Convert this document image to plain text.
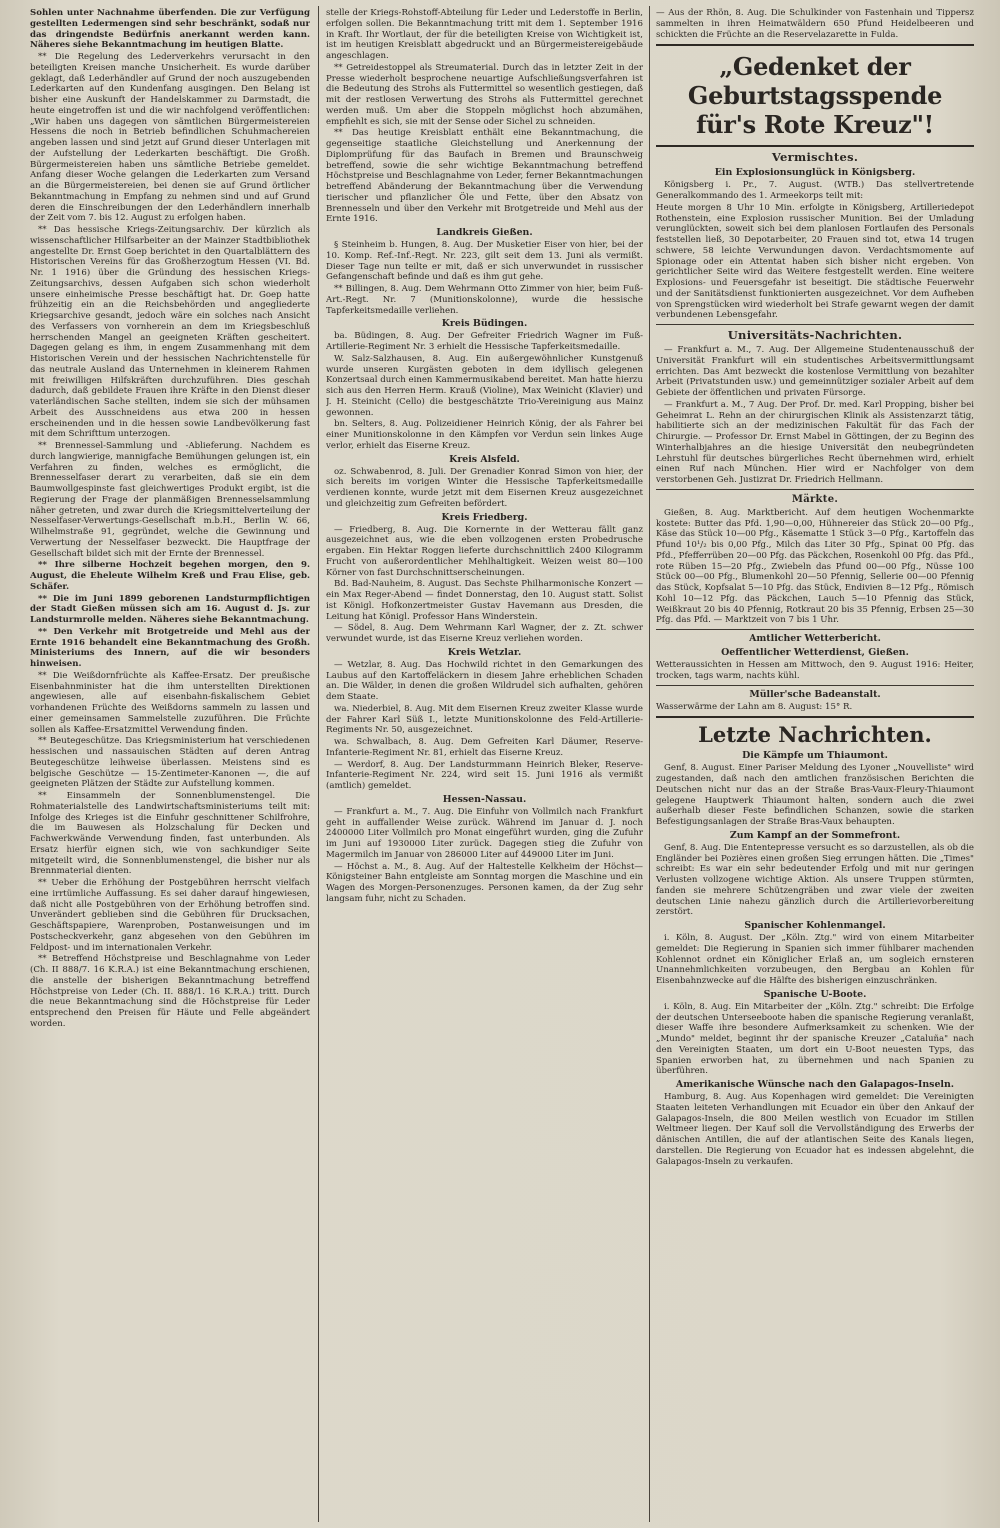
Sohlen unter Nachnahme überfenden. Die zur Verfügung gestellten Ledermengen sind sehr beschränkt, sodaß nur das dringendste Bedürfnis anerkannt werden kann. Näheres siehe Bekanntmachung im heutigen Blatte.

** Die Regelung des Lederverkehrs verursacht in den beteiligten Kreisen manche Unsicherheit. Es wurde darüber geklagt, daß Lederhändler auf Grund der noch auszugebenden Lederkarten auf den Kundenfang ausgingen. Den Belang ist bisher eine Auskunft der Handelskammer zu Darmstadt, die heute eingetroffen ist und die wir nachfolgend veröffentlichen: „Wir haben uns dagegen von sämtlichen Bürgermeistereien Hessens die noch in Betrieb befindlichen Schuhmachereien angeben lassen und sind jetzt auf Grund dieser Unterlagen mit der Aufstellung der Lederkarten beschäftigt. Die Großh. Bürgermeistereien haben uns sämtliche Betriebe gemeldet. Anfang dieser Woche gelangen die Lederkarten zum Versand an die Bürgermeistereien, bei denen sie auf Grund örtlicher Bekanntmachung in Empfang zu nehmen sind und auf Grund deren die Einschreibungen der den Lederhändlern innerhalb der Zeit vom 7. bis 12. August zu erfolgen haben.

** Das hessische Kriegs-Zeitungsarchiv. Der kürzlich als wissenschaftlicher Hilfsarbeiter an der Mainzer Stadtbibliothek angestellte Dr. Ernst Goep berichtet in den Quartalblättern des Historischen Vereins für das Großherzogtum Hessen (VI. Bd. Nr. 1 1916) über die Gründung des hessischen Kriegs-Zeitungsarchivs, dessen Aufgaben sich schon wiederholt unsere einheimische Presse beschäftigt hat. Dr. Goep hatte frühzeitig ein an die Reichsbehörden und angegliederte Kriegsarchive gesandt, jedoch wäre ein solches nach Ansicht des Verfassers von vornherein an dem im Kriegsbeschluß herrschenden Mangel an geeigneten Kräften gescheitert. Dagegen gelang es ihm, in engem Zusammenhang mit dem Historischen Verein und der hessischen Nachrichtenstelle für das neutrale Ausland das Unternehmen in kleinerem Rahmen mit freiwilligen Hilfskräften durchzuführen. Dies geschah dadurch, daß gebildete Frauen ihre Kräfte in den Dienst dieser vaterländischen Sache stellten, indem sie sich der mühsamen Arbeit des Ausschneidens aus etwa 200 in hessen erscheinenden und in die hessen sowie Landbevölkerung fast mit dem Schrifttum unterzogen.

** Brennessel-Sammlung und -Ablieferung. Nachdem es durch langwierige, mannigfache Bemühungen gelungen ist, ein Verfahren zu finden, welches es ermöglicht, die Brennesselfaser derart zu verarbeiten, daß sie ein dem Baumwollgespinste fast gleichwertiges Produkt ergibt, ist die Regierung der Frage der planmäßigen Brennesselsammlung näher getreten, und zwar durch die Kriegsmittelverteilung der Nesselfaser-Verwertungs-Gesellschaft m.b.H., Berlin W. 66, Wilhelmstraße 91, gegründet, welche die Gewinnung und Verwertung der Nesselfaser bezweckt. Die Hauptfrage der Gesellschaft bildet sich mit der Ernte der Brennessel.

** Ihre silberne Hochzeit begehen morgen, den 9. August, die Eheleute Wilhelm Kreß und Frau Elise, geb. Schäfer.

** Die im Juni 1899 geborenen Landsturmpflichtigen der Stadt Gießen müssen sich am 16. August d. Js. zur Landsturmrolle melden. Näheres siehe Bekanntmachung.

** Den Verkehr mit Brotgetreide und Mehl aus der Ernte 1916 behandelt eine Bekanntmachung des Großh. Ministeriums des Innern, auf die wir besonders hinweisen.

** Die Weißdornfrüchte als Kaffee-Ersatz. Der preußische Eisenbahnminister hat die ihm unterstellten Direktionen angewiesen, alle auf eisenbahn-fiskalischem Gebiet vorhandenen Früchte des Weißdorns sammeln zu lassen und einer gemeinsamen Sammelstelle zuzuführen. Die Früchte sollen als Kaffee-Ersatzmittel Verwendung finden.

** Beutegeschütze. Das Kriegsministerium hat verschiedenen hessischen und nassauischen Städten auf deren Antrag Beutegeschütze leihweise überlassen. Meistens sind es belgische Geschütze — 15-Zentimeter-Kanonen —, die auf geeigneten Plätzen der Städte zur Aufstellung kommen.

** Einsammeln der Sonnenblumenstengel. Die Rohmaterialstelle des Landwirtschaftsministeriums teilt mit: Infolge des Krieges ist die Einfuhr geschnittener Schilfrohre, die im Bauwesen als Holzschalung für Decken und Fachwerkwände Verwendung finden, fast unterbunden. Als Ersatz hierfür eignen sich, wie von sachkundiger Seite mitgeteilt wird, die Sonnenblumenstengel, die bisher nur als Brennmaterial dienten.

** Ueber die Erhöhung der Postgebühren herrscht vielfach eine irrtümliche Auffassung. Es sei daher darauf hingewiesen, daß nicht alle Postgebühren von der Erhöhung betroffen sind. Unverändert geblieben sind die Gebühren für Drucksachen, Geschäftspapiere, Warenproben, Postanweisungen und im Postscheckverkehr, ganz abgesehen von den Gebühren im Feldpost- und im internationalen Verkehr.

** Betreffend Höchstpreise und Beschlagnahme von Leder (Ch. II 888/7. 16 K.R.A.) ist eine Bekanntmachung erschienen, die anstelle der bisherigen Bekanntmachung betreffend Höchstpreise von Leder (Ch. II. 888/1. 16 K.R.A.) tritt. Durch die neue Bekanntmachung sind die Höchstpreise für Leder entsprechend den Preisen für Häute und Felle abgeändert worden.

stelle der Kriegs-Rohstoff-Abteilung für Leder und Lederstoffe in Berlin, erfolgen sollen. Die Bekanntmachung tritt mit dem 1. September 1916 in Kraft. Ihr Wortlaut, der für die beteiligten Kreise von Wichtigkeit ist, ist im heutigen Kreisblatt abgedruckt und an Bürgermeistereigebäude angeschlagen.

** Getreidestoppel als Streumaterial. Durch das in letzter Zeit in der Presse wiederholt besprochene neuartige Aufschließungsverfahren ist die Bedeutung des Strohs als Futtermittel so wesentlich gestiegen, daß mit der restlosen Verwertung des Strohs als Futtermittel gerechnet werden muß. Um aber die Stoppeln möglichst hoch abzumähen, empfiehlt es sich, sie mit der Sense oder Sichel zu schneiden.

** Das heutige Kreisblatt enthält eine Bekanntmachung, die gegenseitige staatliche Gleichstellung und Anerkennung der Diplomprüfung für das Baufach in Bremen und Braunschweig betreffend, sowie die sehr wichtige Bekanntmachung betreffend Höchstpreise und Beschlagnahme von Leder, ferner Bekanntmachungen betreffend Abänderung der Bekanntmachung über die Verwendung tierischer und pflanzlicher Öle und Fette, über den Absatz von Brennesseln und über den Verkehr mit Brotgetreide und Mehl aus der Ernte 1916.

Landkreis Gießen.

§ Steinheim b. Hungen, 8. Aug. Der Musketier Eiser von hier, bei der 10. Komp. Ref.-Inf.-Regt. Nr. 223, gilt seit dem 13. Juni als vermißt. Dieser Tage nun teilte er mit, daß er sich unverwundet in russischer Gefangenschaft befinde und daß es ihm gut gehe.

** Billingen, 8. Aug. Dem Wehrmann Otto Zimmer von hier, beim Fuß-Art.-Regt. Nr. 7 (Munitionskolonne), wurde die hessische Tapferkeitsmedaille verliehen.

Kreis Büdingen.

ba. Büdingen, 8. Aug. Der Gefreiter Friedrich Wagner im Fuß-Artillerie-Regiment Nr. 3 erhielt die Hessische Tapferkeitsmedaille.

W. Salz-Salzhausen, 8. Aug. Ein außergewöhnlicher Kunstgenuß wurde unseren Kurgästen geboten in dem idyllisch gelegenen Konzertsaal durch einen Kammermusikabend bereitet. Man hatte hierzu sich aus den Herren Herm. Krauß (Violine), Max Weinicht (Klavier) und J. H. Steinicht (Cello) die bestgeschätzte Trio-Vereinigung aus Mainz gewonnen.

bn. Selters, 8. Aug. Polizeidiener Heinrich König, der als Fahrer bei einer Munitionskolonne in den Kämpfen vor Verdun sein linkes Auge verlor, erhielt das Eiserne Kreuz.

Kreis Alsfeld.

oz. Schwabenrod, 8. Juli. Der Grenadier Konrad Simon von hier, der sich bereits im vorigen Winter die Hessische Tapferkeitsmedaille verdienen konnte, wurde jetzt mit dem Eisernen Kreuz ausgezeichnet und gleichzeitig zum Gefreiten befördert.

Kreis Friedberg.

— Friedberg, 8. Aug. Die Kornernte in der Wetterau fällt ganz ausgezeichnet aus, wie die eben vollzogenen ersten Probedrusche ergaben. Ein Hektar Roggen lieferte durchschnittlich 2400 Kilogramm Frucht von außerordentlicher Mehlhaltigkeit. Weizen weist 80—100 Körner von fast Durchschnittserscheinungen.

Bd. Bad-Nauheim, 8. August. Das Sechste Philharmonische Konzert — ein Max Reger-Abend — findet Donnerstag, den 10. August statt. Solist ist Königl. Hofkonzertmeister Gustav Havemann aus Dresden, die Leitung hat Königl. Professor Hans Winderstein.

— Södel, 8. Aug. Dem Wehrmann Karl Wagner, der z. Zt. schwer verwundet wurde, ist das Eiserne Kreuz verliehen worden.

Kreis Wetzlar.

— Wetzlar, 8. Aug. Das Hochwild richtet in den Gemarkungen des Laubus auf den Kartoffeläckern in diesem Jahre erheblichen Schaden an. Die Wälder, in denen die großen Wildrudel sich aufhalten, gehören dem Staate.

wa. Niederbiel, 8. Aug. Mit dem Eisernen Kreuz zweiter Klasse wurde der Fahrer Karl Süß I., letzte Munitionskolonne des Feld-Artillerie-Regiments Nr. 50, ausgezeichnet.

wa. Schwalbach, 8. Aug. Dem Gefreiten Karl Däumer, Reserve-Infanterie-Regiment Nr. 81, erhielt das Eiserne Kreuz.

— Werdorf, 8. Aug. Der Landsturmmann Heinrich Bleker, Reserve-Infanterie-Regiment Nr. 224, wird seit 15. Juni 1916 als vermißt (amtlich) gemeldet.

Hessen-Nassau.

— Frankfurt a. M., 7. Aug. Die Einfuhr von Vollmilch nach Frankfurt geht in auffallender Weise zurück. Während im Januar d. J. noch 2400000 Liter Vollmilch pro Monat eingeführt wurden, ging die Zufuhr im Juni auf 1930000 Liter zurück. Dagegen stieg die Zufuhr von Magermilch im Januar von 286000 Liter auf 449000 Liter im Juni.

— Höchst a. M., 8. Aug. Auf der Haltestelle Kelkheim der Höchst—Königsteiner Bahn entgleiste am Sonntag morgen die Maschine und ein Wagen des Morgen-Personenzuges. Personen kamen, da der Zug sehr langsam fuhr, nicht zu Schaden.

— Aus der Rhön, 8. Aug. Die Schulkinder von Fastenhain und Tippersz sammelten in ihren Heimatwäldern 650 Pfund Heidelbeeren und schickten die Früchte an die Reservelazarette in Fulda.

„Gedenket der Geburtstagsspende für's Rote Kreuz"!
Vermischtes.
Ein Explosionsunglück in Königsberg.

Königsberg i. Pr., 7. August. (WTB.) Das stellvertretende Generalkommando des 1. Armeekorps teilt mit:

Heute morgen 8 Uhr 10 Min. erfolgte in Königsberg, Artilleriedepot Rothenstein, eine Explosion russischer Munition. Bei der Umladung verunglückten, soweit sich bei dem planlosen Fortlaufen des Personals feststellen ließ, 30 Depotarbeiter, 20 Frauen sind tot, etwa 14 trugen schwere, 58 leichte Verwundungen davon. Verdachtsmomente auf Spionage oder ein Attentat haben sich bisher nicht ergeben. Von gerichtlicher Seite wird das Weitere festgestellt werden. Eine weitere Explosions- und Feuersgefahr ist beseitigt. Die städtische Feuerwehr und der Sanitätsdienst funktionierten ausgezeichnet. Vor dem Aufheben von Sprengstücken wird wiederholt bei Strafe gewarnt wegen der damit verbundenen Lebensgefahr.

Universitäts-Nachrichten.

— Frankfurt a. M., 7. Aug. Der Allgemeine Studentenausschuß der Universität Frankfurt will ein studentisches Arbeitsvermittlungsamt errichten. Das Amt bezweckt die kostenlose Vermittlung von bezahlter Arbeit (Privatstunden usw.) und gemeinnütziger sozialer Arbeit auf dem Gebiete der öffentlichen und privaten Fürsorge.

— Frankfurt a. M., 7 Aug. Der Prof. Dr. med. Karl Propping, bisher bei Geheimrat L. Rehn an der chirurgischen Klinik als Assistenzarzt tätig, habilitierte sich an der medizinischen Fakultät für das Fach der Chirurgie. — Professor Dr. Ernst Mabel in Göttingen, der zu Beginn des Winterhalbjahres an die hiesige Universität den neubegründeten Lehrstuhl für deutsches bürgerliches Recht übernehmen wird, erhielt einen Ruf nach München. Hier wird er Nachfolger von dem verstorbenen Geh. Justizrat Dr. Friedrich Hellmann.

Märkte.

Gießen, 8. Aug. Marktbericht. Auf dem heutigen Wochenmarkte kostete: Butter das Pfd. 1,90—0,00, Hühnereier das Stück 20—00 Pfg., Käse das Stück 10—00 Pfg., Käsematte 1 Stück 3—0 Pfg., Kartoffeln das Pfund 10¹/₂ bis 0,00 Pfg., Milch das Liter 30 Pfg., Spinat 00 Pfg. das Pfd., Pfefferrüben 20—00 Pfg. das Päckchen, Rosenkohl 00 Pfg. das Pfd., rote Rüben 15—20 Pfg., Zwiebeln das Pfund 00—00 Pfg., Nüsse 100 Stück 00—00 Pfg., Blumenkohl 20—50 Pfennig, Sellerie 00—00 Pfennig das Stück, Kopfsalat 5—10 Pfg. das Stück, Endivien 8—12 Pfg., Römisch Kohl 10—12 Pfg. das Päckchen, Lauch 5—10 Pfennig das Stück, Weißkraut 20 bis 40 Pfennig, Rotkraut 20 bis 35 Pfennig, Erbsen 25—30 Pfg. das Pfd. — Marktzeit von 7 bis 1 Uhr.

Amtlicher Wetterbericht.
Oeffentlicher Wetterdienst, Gießen.

Wetteraussichten in Hessen am Mittwoch, den 9. August 1916: Heiter, trocken, tags warm, nachts kühl.

Müller'sche Badeanstalt.

Wasserwärme der Lahn am 8. August: 15° R.

Letzte Nachrichten.
Die Kämpfe um Thiaumont.

Genf, 8. August. Einer Pariser Meldung des Lyoner „Nouvelliste" wird zugestanden, daß nach den amtlichen französischen Berichten die Deutschen nicht nur das an der Straße Bras-Vaux-Fleury-Thiaumont gelegene Hauptwerk Thiaumont halten, sondern auch die zwei außerhalb dieser Feste befindlichen Schanzen, sowie die starken Befestigungsanlagen der Straße Bras-Vaux behaupten.

Zum Kampf an der Sommefront.

Genf, 8. Aug. Die Ententepresse versucht es so darzustellen, als ob die Engländer bei Pozières einen großen Sieg errungen hätten. Die „Times" schreibt: Es war ein sehr bedeutender Erfolg und mit nur geringen Verlusten vollzogene wichtige Aktion. Als unsere Truppen stürmten, fanden sie mehrere Schützengräben und zwar viele der zweiten deutschen Linie nahezu gänzlich durch die Artillerievorbereitung zerstört.

Spanischer Kohlenmangel.

i. Köln, 8. August. Der „Köln. Ztg." wird von einem Mitarbeiter gemeldet: Die Regierung in Spanien sich immer fühlbarer machenden Kohlennot ordnet ein Königlicher Erlaß an, um sogleich ernsteren Unannehmlichkeiten vorzubeugen, den Bergbau an Kohlen für Eisenbahnzwecke auf die Hälfte des bisherigen einzuschränken.

Spanische U-Boote.

i. Köln, 8. Aug. Ein Mitarbeiter der „Köln. Ztg." schreibt: Die Erfolge der deutschen Unterseeboote haben die spanische Regierung veranlaßt, dieser Waffe ihre besondere Aufmerksamkeit zu schenken. Wie der „Mundo" meldet, beginnt ihr der spanische Kreuzer „Cataluña" nach den Vereinigten Staaten, um dort ein U-Boot neuesten Typs, das Spanien erworben hat, zu übernehmen und nach Spanien zu überführen.

Amerikanische Wünsche nach den Galapagos-Inseln.

Hamburg, 8. Aug. Aus Kopenhagen wird gemeldet: Die Vereinigten Staaten leiteten Verhandlungen mit Ecuador ein über den Ankauf der Galapagos-Inseln, die 800 Meilen westlich von Ecuador im Stillen Weltmeer liegen. Der Kauf soll die Vervollständigung des Erwerbs der dänischen Antillen, die auf der atlantischen Seite des Kanals liegen, darstellen. Die Regierung von Ecuador hat es indessen abgelehnt, die Galapagos-Inseln zu verkaufen.
